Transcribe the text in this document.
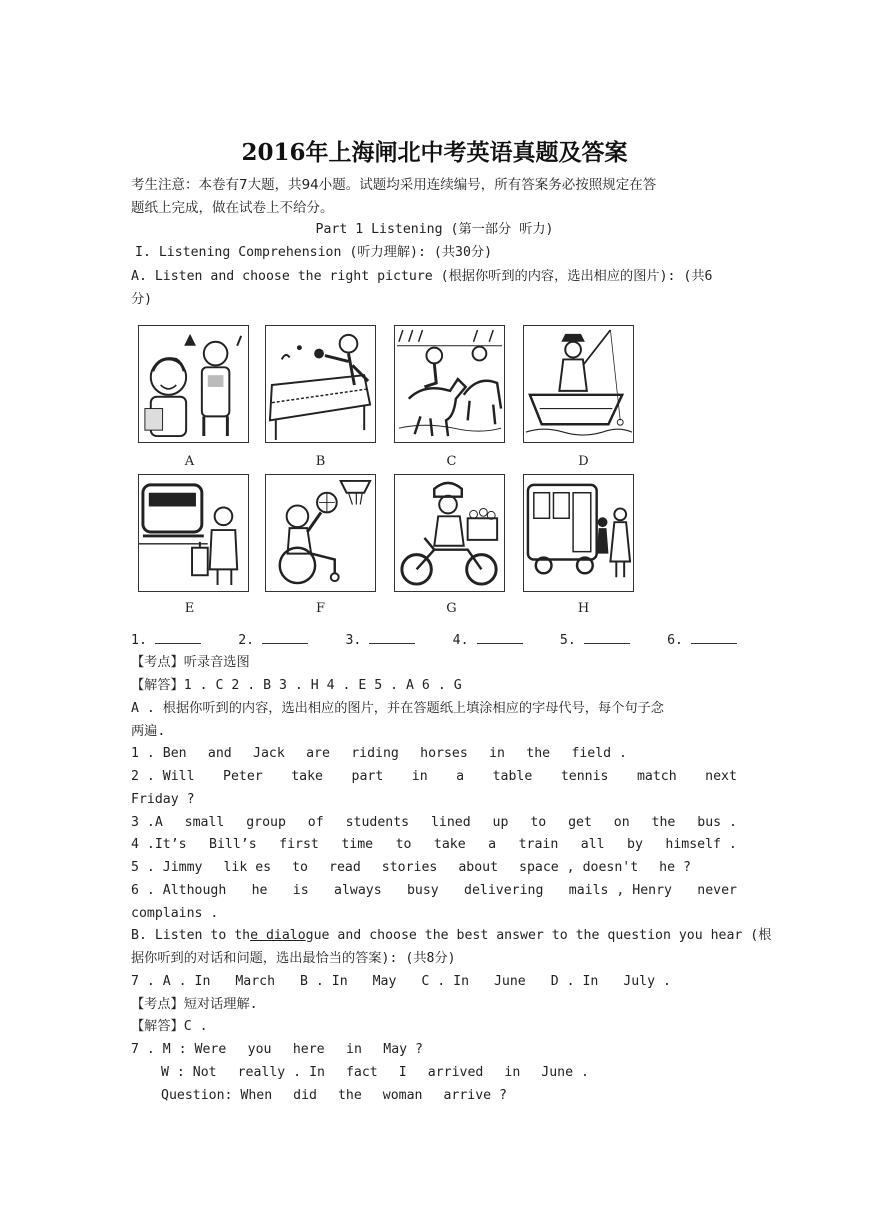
2016年上海闸北中考英语真题及答案
考生注意：本卷有7大题，共94小题。试题均采用连续编号，所有答案务必按照规定在答
题纸上完成，做在试卷上不给分。
Part 1 Listening (第一部分 听力)
I. Listening Comprehension (听力理解): (共30分)
A. Listen and choose the right picture (根据你听到的内容，选出相应的图片): (共6
分)
A	B	C	D
E	F	G	H
1.	2.	3.	4.	5.	6.
【考点】听录音选图
【解答】1 . C 2 . B 3 . H 4 . E 5 . A 6 . G
A . 根据你听到的内容，选出相应的图片，并在答题纸上填涂相应的字母代号，每个句子念
两遍.
1 . Ben and Jack are riding horses in the field .
2 . Will Peter take part in a table tennis match next
Friday ?
3 .A small group of students lined up to get on the bus .
4 .It’s Bill’s first time to take a train all by himself .
5 . Jimmy lik es to read stories about space , doesn't he ?
6 . Although he is always busy delivering mails , Henry never
complains .
B. Listen to the dialogue and choose the best answer to the question you hear (根
据你听到的对话和问题，选出最恰当的答案): (共8分)
7 . A . In March B . In May C . In June D . In July .
【考点】短对话理解.
【解答】C .
7 . M : Were you here in May ?
W : Not really . In fact I arrived in June .
Question: When did the woman arrive ?
